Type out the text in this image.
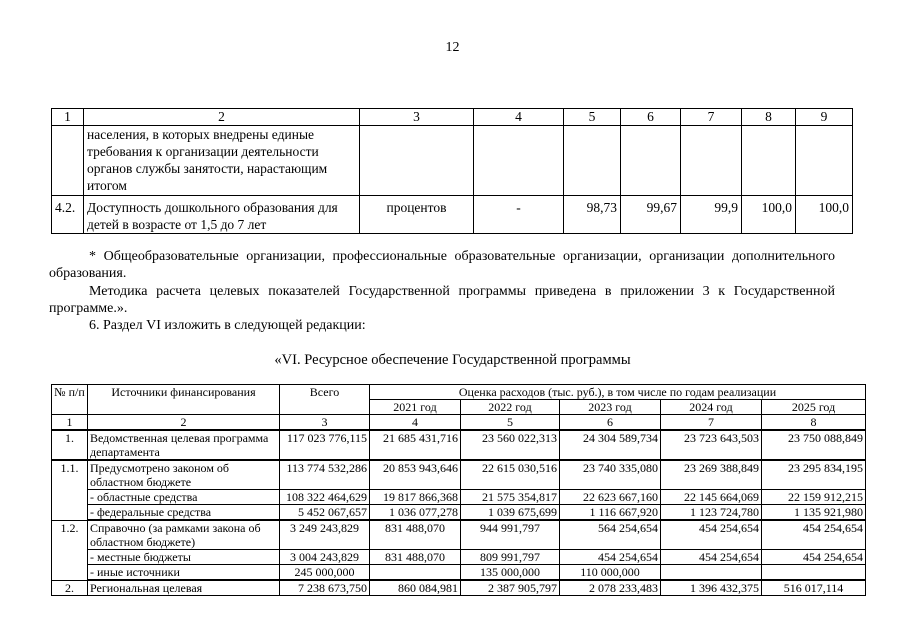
12
1	2	3	4	5	6	7	8	9
	населения, в которых внедрены единые требования к организации деятельности органов службы занятости, нарастающим итогом							
4.2.	Доступность дошкольного образования для детей в возрасте от 1,5 до 7 лет	процентов	-	98,73	99,67	99,9	100,0	100,0
* Общеобразовательные организации, профессиональные образовательные организации, организации дополнительного образования.
Методика расчета целевых показателей Государственной программы приведена в приложении 3 к Государственной программе.».
6. Раздел VI изложить в следующей редакции:
«VI. Ресурсное обеспечение Государственной программы
№ п/п	Источники финансирования	Всего	Оценка расходов (тыс. руб.), в том числе по годам реализации				
			2021 год	2022 год	2023 год	2024 год	2025 год
1	2	3	4	5	6	7	8
1.	Ведомственная целевая программа департамента	117 023 776,115	21 685 431,716	23 560 022,313	24 304 589,734	23 723 643,503	23 750 088,849
1.1.	Предусмотрено законом об областном бюджете	113 774 532,286	20 853 943,646	22 615 030,516	23 740 335,080	23 269 388,849	23 295 834,195
	- областные средства	108 322 464,629	19 817 866,368	21 575 354,817	22 623 667,160	22 145 664,069	22 159 912,215
	- федеральные средства	5 452 067,657	1 036 077,278	1 039 675,699	1 116 667,920	1 123 724,780	1 135 921,980
1.2.	Справочно (за рамками закона об областном бюджете)	3 249 243,829	831 488,070	944 991,797	564 254,654	454 254,654	454 254,654
	- местные бюджеты	3 004 243,829	831 488,070	809 991,797	454 254,654	454 254,654	454 254,654
	- иные источники	245 000,000		135 000,000	110 000,000		
2.	Региональная целевая	7 238 673,750	860 084,981	2 387 905,797	2 078 233,483	1 396 432,375	516 017,114
